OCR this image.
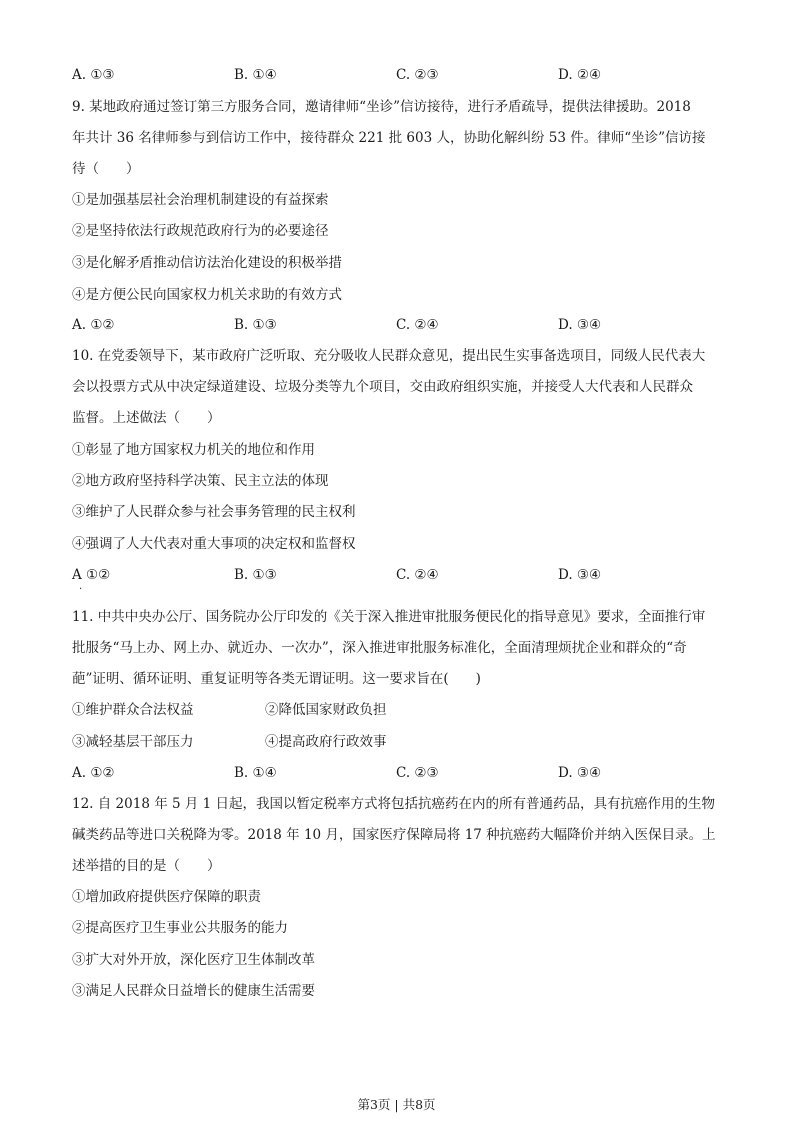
A. ①③	B. ①④	C. ②③	D. ②④
9. 某地政府通过签订第三方服务合同，邀请律师“坐诊”信访接待，进行矛盾疏导，提供法律援助。2018
年共计 36 名律师参与到信访工作中，接待群众 221 批 603 人，协助化解纠纷 53 件。律师“坐诊”信访接
待（　　）
①是加强基层社会治理机制建设的有益探索
②是坚持依法行政规范政府行为的必要途径
③是化解矛盾推动信访法治化建设的积极举措
④是方便公民向国家权力机关求助的有效方式
A. ①②	B. ①③	C. ②④	D. ③④
10. 在党委领导下，某市政府广泛听取、充分吸收人民群众意见，提出民生实事备选项目，同级人民代表大
会以投票方式从中决定绿道建设、垃圾分类等九个项目，交由政府组织实施，并接受人大代表和人民群众
监督。上述做法（　　）
①彰显了地方国家权力机关的地位和作用
②地方政府坚持科学决策、民主立法的体现
③维护了人民群众参与社会事务管理的民主权利
④强调了人大代表对重大事项的决定权和监督权
A ①②	B. ①③	C. ②④	D. ③④
.
11. 中共中央办公厅、国务院办公厅印发的《关于深入推进审批服务便民化的指导意见》要求，全面推行审
批服务“马上办、网上办、就近办、一次办”，深入推进审批服务标准化，全面清理烦扰企业和群众的“奇
葩”证明、循环证明、重复证明等各类无谓证明。这一要求旨在(　　)
①维护群众合法权益	②降低国家财政负担
③减轻基层干部压力	④提高政府行政效事
A. ①②	B. ①④	C. ②③	D. ③④
12. 自 2018 年 5 月 1 日起，我国以暂定税率方式将包括抗癌药在内的所有普通药品，具有抗癌作用的生物
碱类药品等进口关税降为零。2018 年 10 月，国家医疗保障局将 17 种抗癌药大幅降价并纳入医保目录。上
述举措的目的是（　　）
①增加政府提供医疗保障的职责
②提高医疗卫生事业公共服务的能力
③扩大对外开放，深化医疗卫生体制改革
③满足人民群众日益增长的健康生活需要
第3页 | 共8页
